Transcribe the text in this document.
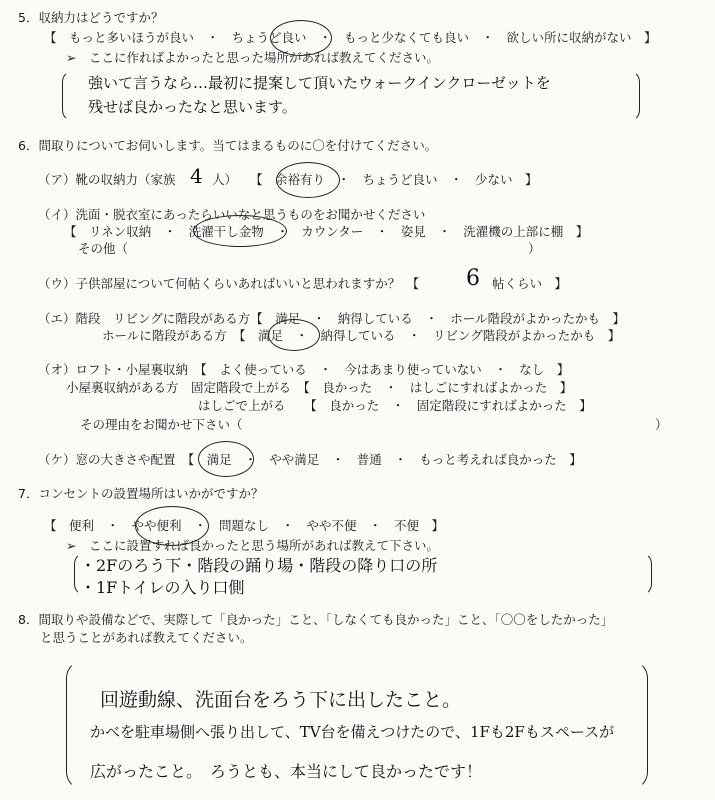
5．収納力はどうですか？
【　もっと多いほうが良い　・　ちょうど良い　・　もっと少なくても良い　・　欲しい所に収納がない　】
➢　ここに作ればよかったと思った場所があれば教えてください。
強いて言うなら…最初に提案して頂いたウォークインクローゼットを
残せば良かったなと思います。
6．間取りについてお伺いします。当てはまるものに〇を付けてください。
（ア）靴の収納力（家族 4 人） 【　余裕有り　・　ちょうど良い　・　少ない　】
（イ）洗面・脱衣室にあったらいいなと思うものをお聞かせください
【　リネン収納　・　洗濯干し金物　・　カウンター　・　姿見　・　洗濯機の上部に棚　】
その他（　　　　　　　　　　　　　　　　　　　　　　　　　　　　　　　　）
（ウ）子供部屋について何帖くらいあればいいと思われますか？　【 6 帖くらい　】
（エ）階段　リビングに階段がある方【　満足　・　納得している　・　ホール階段がよかったかも　】
ホールに階段がある方　【　満足　・　納得している　・　リビング階段がよかったかも　】
（オ）ロフト・小屋裏収納　【　よく使っている　・　今はあまり使っていない　・　なし　】
小屋裏収納がある方　固定階段で上がる　【　良かった　・　はしごにすればよかった　】
はしごで上がる　　【　良かった　・　固定階段にすればよかった　】
その理由をお聞かせ下さい（　　　　　　　　　　　　　　　　　　　　　　　　　　　　　　　　　）
（ケ）窓の大きさや配置　【　満足　・　やや満足　・　普通　・　もっと考えれば良かった　】
7．コンセントの設置場所はいかがですか？
【　便利　・　やや便利　・　問題なし　・　やや不便　・　不便　】
➢　ここに設置すれば良かったと思う場所があれば教えて下さい。
・2Fのろう下・階段の踊り場・階段の降り口の所
・1Fトイレの入り口側
8．間取りや設備などで、実際して「良かった」こと、「しなくても良かった」こと、「〇〇をしたかった」
と思うことがあれば教えてください。
回遊動線、洗面台をろう下に出したこと。
かべを駐車場側へ張り出して、TV台を備えつけたので、1Fも2Fもスペースが
広がったこと。　ろうとも、本当にして良かったです！
